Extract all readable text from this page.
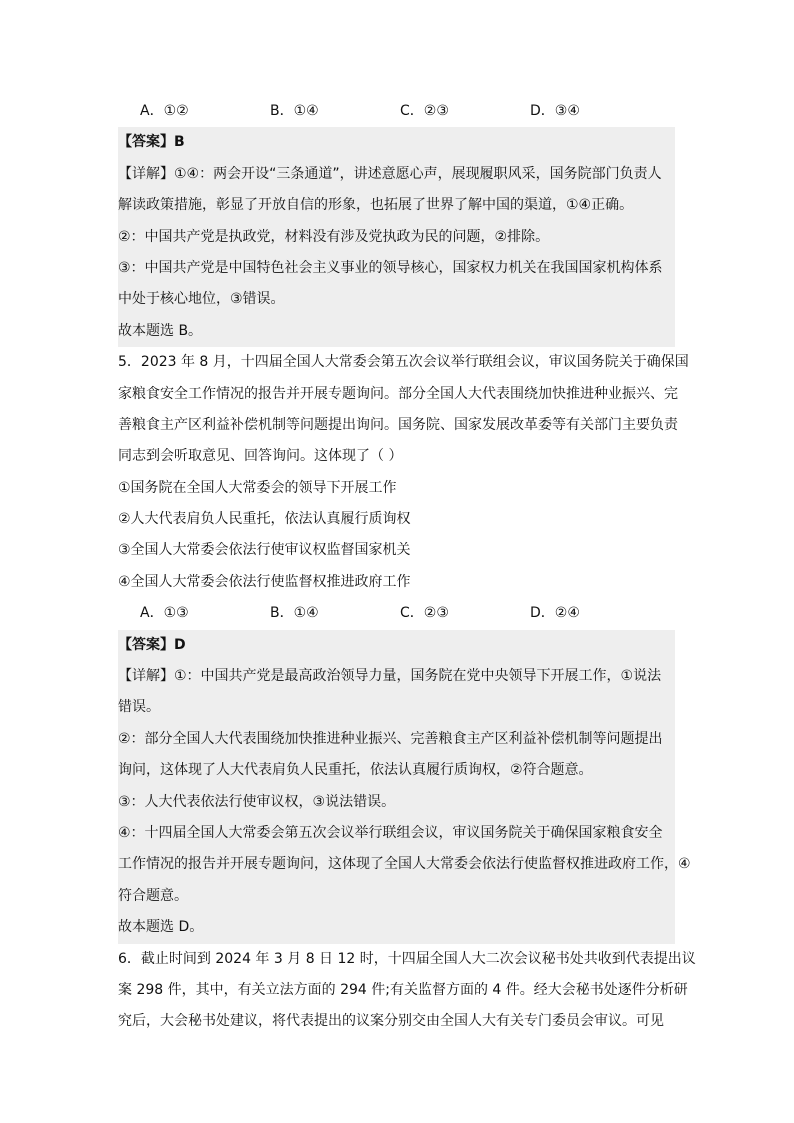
A．①②	B．①④	C．②③	D．③④
【答案】B
【详解】①④：两会开设“三条通道”，讲述意愿心声，展现履职风采，国务院部门负责人
解读政策措施，彰显了开放自信的形象，也拓展了世界了解中国的渠道，①④正确。
②：中国共产党是执政党，材料没有涉及党执政为民的问题，②排除。
③：中国共产党是中国特色社会主义事业的领导核心，国家权力机关在我国国家机构体系
中处于核心地位，③错误。
故本题选 B。
5．2023 年 8 月，十四届全国人大常委会第五次会议举行联组会议，审议国务院关于确保国
家粮食安全工作情况的报告并开展专题询问。部分全国人大代表围绕加快推进种业振兴、完
善粮食主产区利益补偿机制等问题提出询问。国务院、国家发展改革委等有关部门主要负责
同志到会听取意见、回答询问。这体现了（ ）
①国务院在全国人大常委会的领导下开展工作
②人大代表肩负人民重托，依法认真履行质询权
③全国人大常委会依法行使审议权监督国家机关
④全国人大常委会依法行使监督权推进政府工作
A．①③	B．①④	C．②③	D．②④
【答案】D
【详解】①：中国共产党是最高政治领导力量，国务院在党中央领导下开展工作，①说法
错误。
②：部分全国人大代表围绕加快推进种业振兴、完善粮食主产区利益补偿机制等问题提出
询问，这体现了人大代表肩负人民重托，依法认真履行质询权，②符合题意。
③：人大代表依法行使审议权，③说法错误。
④：十四届全国人大常委会第五次会议举行联组会议，审议国务院关于确保国家粮食安全
工作情况的报告并开展专题询问，这体现了全国人大常委会依法行使监督权推进政府工作，④
符合题意。
故本题选 D。
6．截止时间到 2024 年 3 月 8 日 12 时，十四届全国人大二次会议秘书处共收到代表提出议
案 298 件，其中，有关立法方面的 294 件;有关监督方面的 4 件。经大会秘书处逐件分析研
究后，大会秘书处建议，将代表提出的议案分别交由全国人大有关专门委员会审议。可见
